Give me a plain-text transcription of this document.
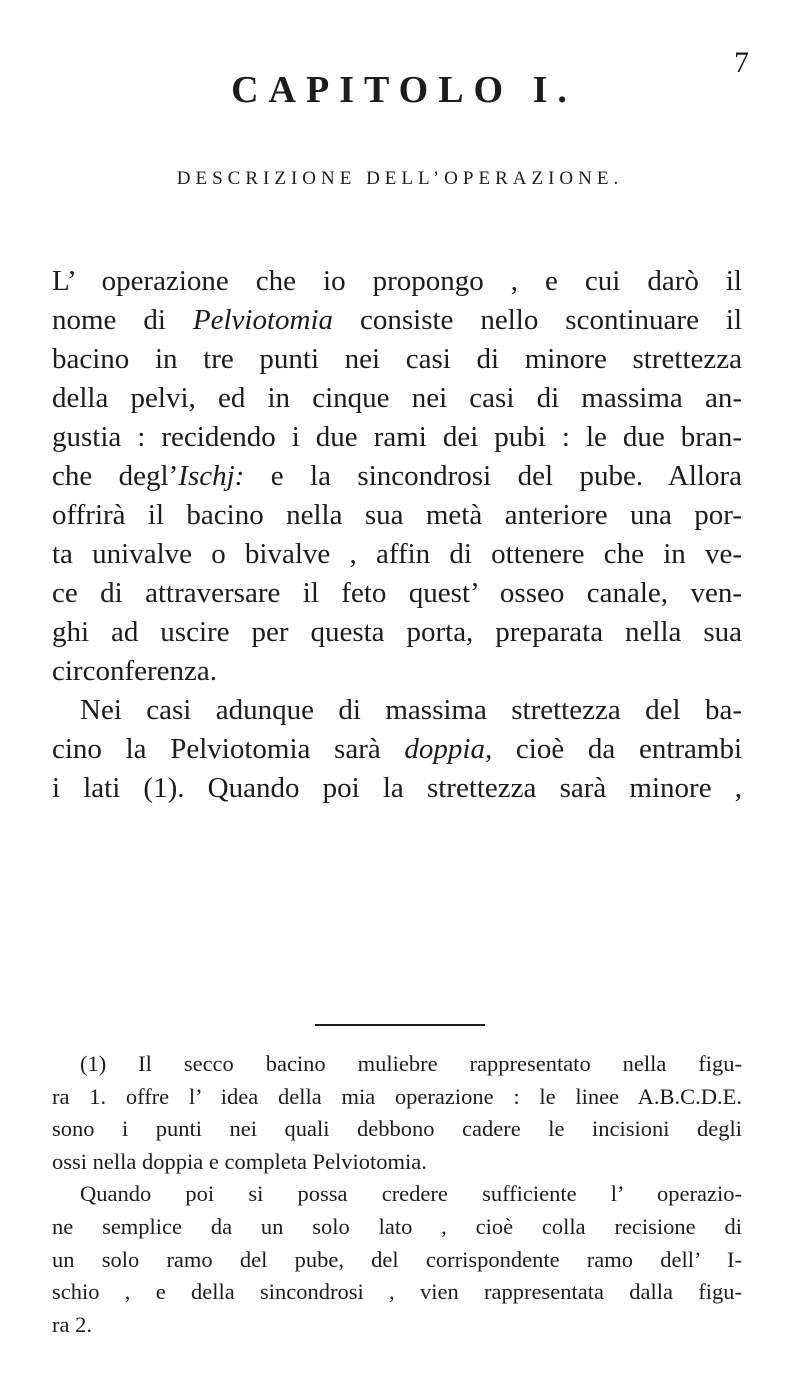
7
CAPITOLO I.
DESCRIZIONE DELL’OPERAZIONE.
L’ operazione che io propongo , e cui darò il
nome di Pelviotomia consiste nello scontinuare il
bacino in tre punti nei casi di minore strettezza
della pelvi, ed in cinque nei casi di massima an-
gustia : recidendo i due rami dei pubi : le due bran-
che degl’Ischj: e la sincondrosi del pube. Allora
offrirà il bacino nella sua metà anteriore una por-
ta univalve o bivalve , affin di ottenere che in ve-
ce di attraversare il feto quest’ osseo canale, ven-
ghi ad uscire per questa porta, preparata nella sua
circonferenza.
Nei casi adunque di massima strettezza del ba-
cino la Pelviotomia sarà doppia, cioè da entrambi
i lati (1). Quando poi la strettezza sarà minore ,
(1) Il secco bacino muliebre rappresentato nella figu-
ra 1. offre l’ idea della mia operazione : le linee A.B.C.D.E.
sono i punti nei quali debbono cadere le incisioni degli
ossi nella doppia e completa Pelviotomia.
Quando poi si possa credere sufficiente l’ operazio-
ne semplice da un solo lato , cioè colla recisione di
un solo ramo del pube, del corrispondente ramo dell’ I-
schio , e della sincondrosi , vien rappresentata dalla figu-
ra 2.
